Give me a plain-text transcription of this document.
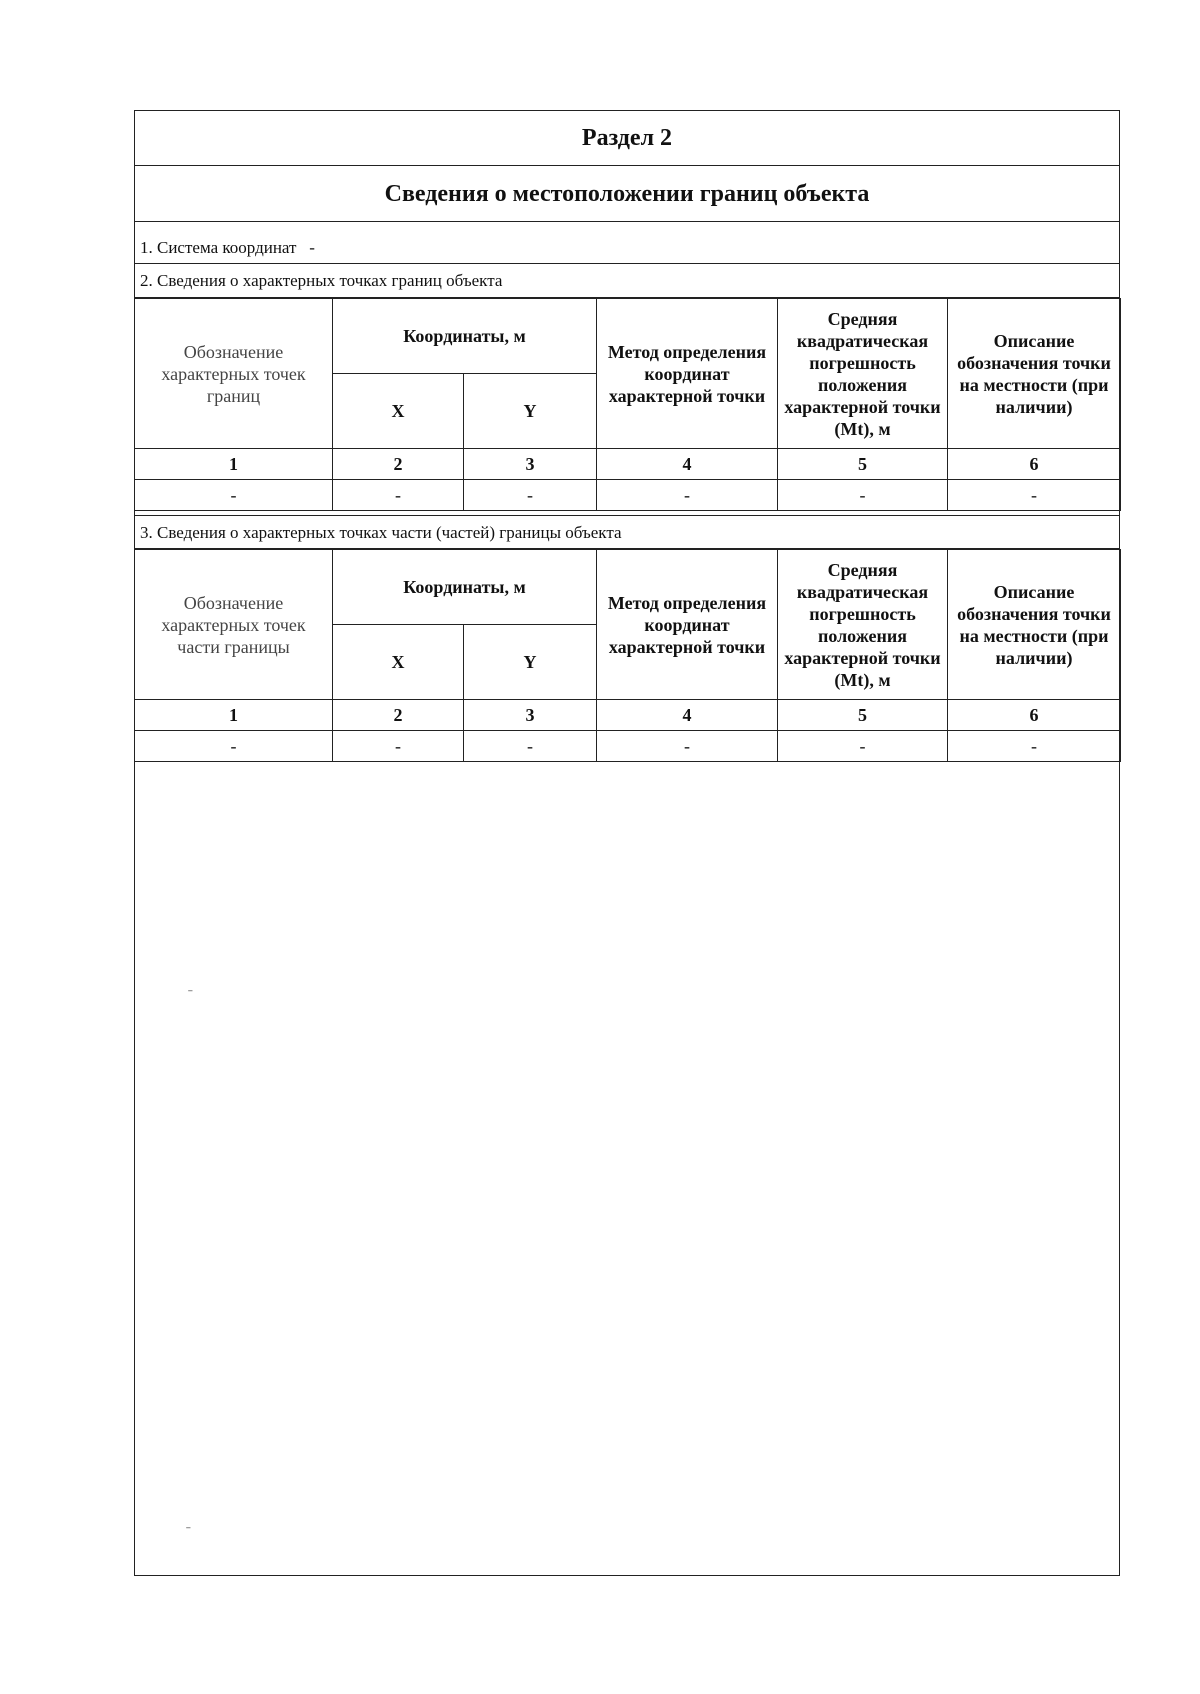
Раздел 2
Сведения о местоположении границ объекта
1. Система координат -
2. Сведения о характерных точках границ объекта
Обозначение характерных точек границ	Координаты, м		Метод определения координат характерной точки	Средняя квадратическая погрешность положения характерной точки (Mt), м	Описание обозначения точки на местности (при наличии)
	X	Y			
1	2	3	4	5	6
-	-	-	-	-	-
3. Сведения о характерных точках части (частей) границы объекта
Обозначение характерных точек части границы	Координаты, м		Метод определения координат характерной точки	Средняя квадратическая погрешность положения характерной точки (Mt), м	Описание обозначения точки на местности (при наличии)
	X	Y			
1	2	3	4	5	6
-	-	-	-	-	-
ˉ
ˉ
